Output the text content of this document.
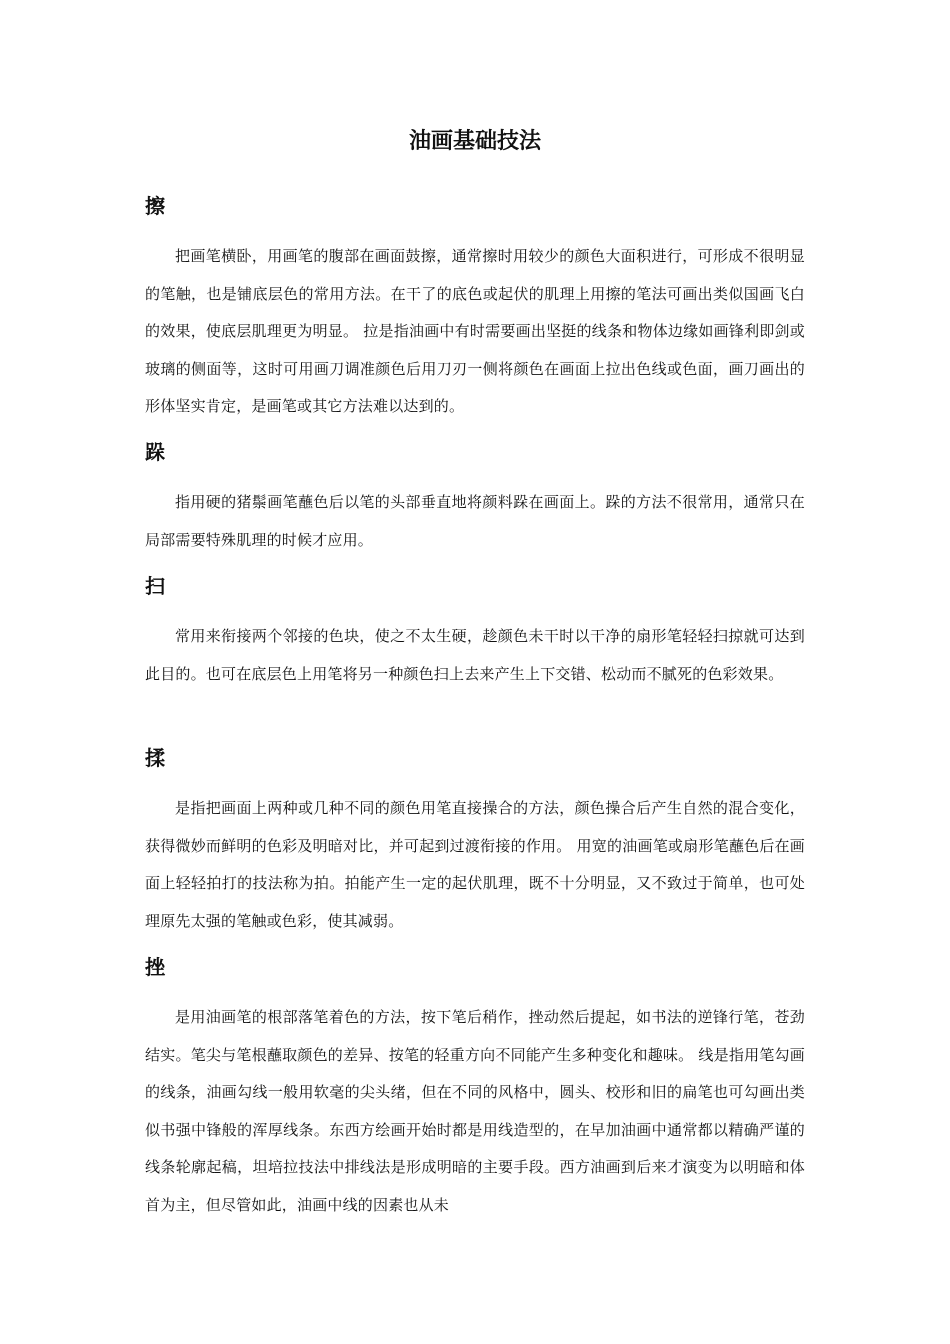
油画基础技法
擦

把画笔横卧，用画笔的腹部在画面鼓擦，通常擦时用较少的颜色大面积进行，可形成不很明显的笔触，也是铺底层色的常用方法。在干了的底色或起伏的肌理上用擦的笔法可画出类似国画飞白的效果，使底层肌理更为明显。 拉是指油画中有时需要画出坚挺的线条和物体边缘如画锋利即剑或玻璃的侧面等，这时可用画刀调准颜色后用刀刃一侧将颜色在画面上拉出色线或色面，画刀画出的形体坚实肯定，是画笔或其它方法难以达到的。

跺

指用硬的猪鬃画笔蘸色后以笔的头部垂直地将颜料跺在画面上。跺的方法不很常用，通常只在局部需要特殊肌理的时候才应用。

扫

常用来衔接两个邻接的色块，使之不太生硬，趁颜色未干时以干净的扇形笔轻轻扫掠就可达到此目的。也可在底层色上用笔将另一种颜色扫上去来产生上下交错、松动而不腻死的色彩效果。

揉

是指把画面上两种或几种不同的颜色用笔直接操合的方法，颜色操合后产生自然的混合变化，获得微妙而鲜明的色彩及明暗对比，并可起到过渡衔接的作用。 用宽的油画笔或扇形笔蘸色后在画面上轻轻拍打的技法称为拍。拍能产生一定的起伏肌理，既不十分明显，又不致过于简单，也可处理原先太强的笔触或色彩，使其减弱。

挫

是用油画笔的根部落笔着色的方法，按下笔后稍作，挫动然后提起，如书法的逆锋行笔，苍劲结实。笔尖与笔根蘸取颜色的差异、按笔的轻重方向不同能产生多种变化和趣味。 线是指用笔勾画的线条，油画勾线一般用软毫的尖头绪，但在不同的风格中，圆头、校形和旧的扁笔也可勾画出类似书强中锋般的浑厚线条。东西方绘画开始时都是用线造型的，在早加油画中通常都以精确严谨的线条轮廓起稿，坦培拉技法中排线法是形成明暗的主要手段。西方油画到后来才演变为以明暗和体首为主，但尽管如此，油画中线的因素也从未
